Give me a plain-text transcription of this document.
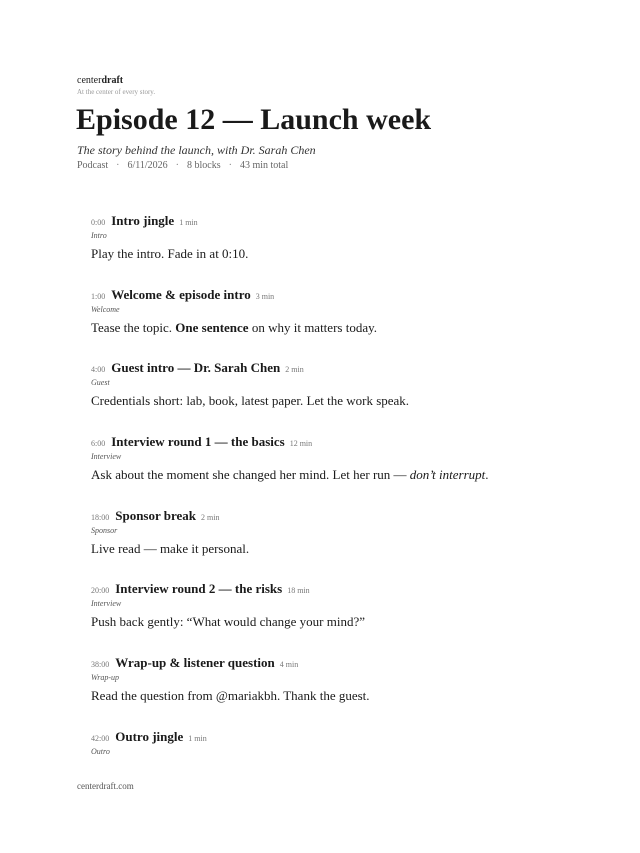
centerdraft
At the center of every story.
Episode 12 — Launch week
The story behind the launch, with Dr. Sarah Chen
Podcast · 6/11/2026 · 8 blocks · 43 min total
0:00 Intro jingle 1 min
Intro
Play the intro. Fade in at 0:10.
1:00 Welcome & episode intro 3 min
Welcome
Tease the topic. One sentence on why it matters today.
4:00 Guest intro — Dr. Sarah Chen 2 min
Guest
Credentials short: lab, book, latest paper. Let the work speak.
6:00 Interview round 1 — the basics 12 min
Interview
Ask about the moment she changed her mind. Let her run — don’t interrupt.
18:00 Sponsor break 2 min
Sponsor
Live read — make it personal.
20:00 Interview round 2 — the risks 18 min
Interview
Push back gently: “What would change your mind?”
38:00 Wrap-up & listener question 4 min
Wrap-up
Read the question from @mariakbh. Thank the guest.
42:00 Outro jingle 1 min
Outro
centerdraft.com
